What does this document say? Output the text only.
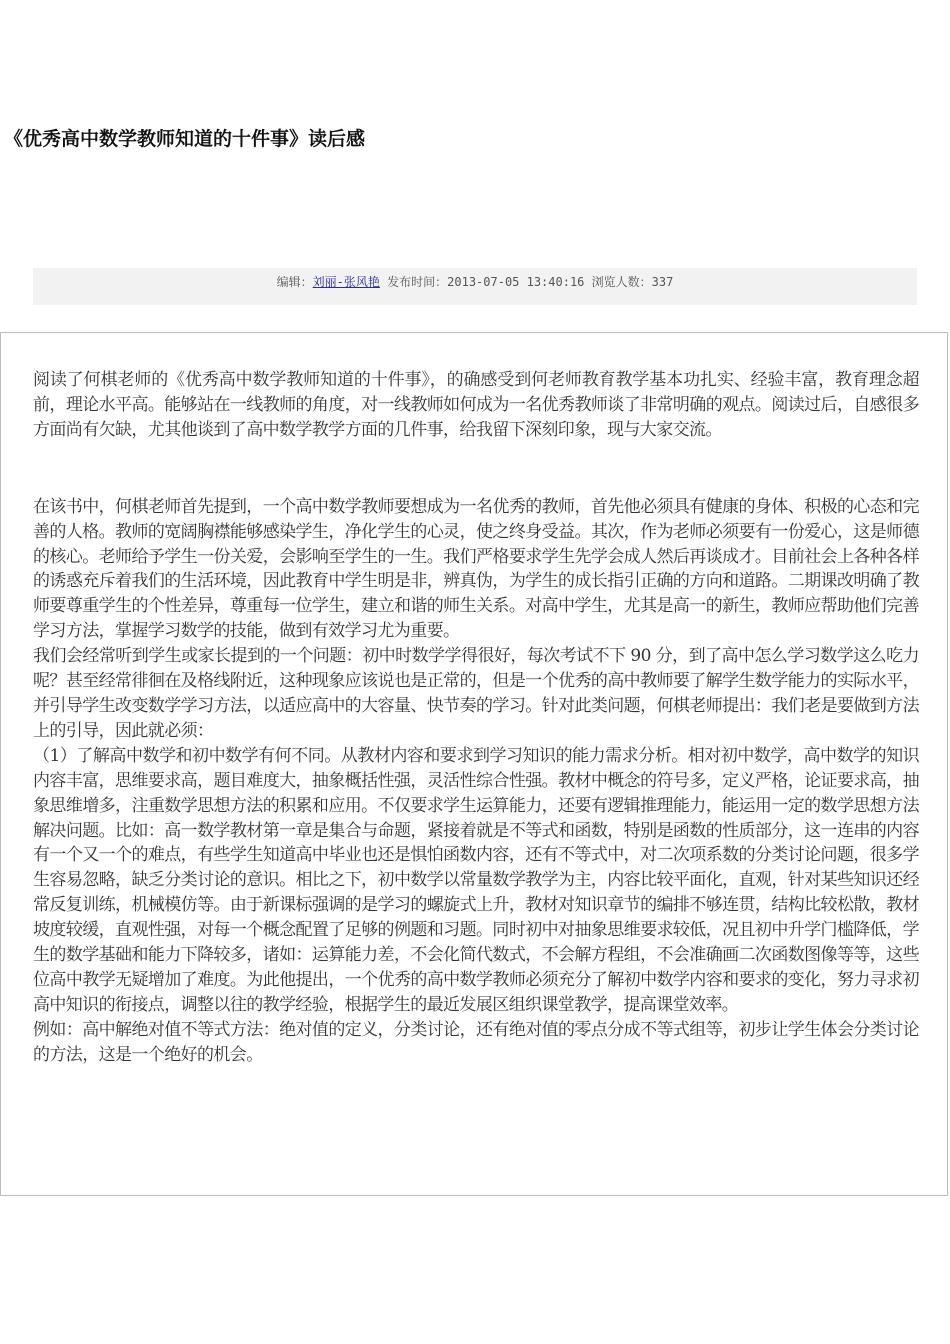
《优秀高中数学教师知道的十件事》读后感
编辑：刘丽-张风艳 发布时间：2013-07-05 13:40:16 浏览人数：337

阅读了何棋老师的《优秀高中数学教师知道的十件事》，的确感受到何老师教育教学基本功扎实、经验丰富，教育理念超前，理论水平高。能够站在一线教师的角度，对一线教师如何成为一名优秀教师谈了非常明确的观点。阅读过后，自感很多方面尚有欠缺，尤其他谈到了高中数学教学方面的几件事，给我留下深刻印象，现与大家交流。

在该书中，何棋老师首先提到，一个高中数学教师要想成为一名优秀的教师，首先他必须具有健康的身体、积极的心态和完善的人格。教师的宽阔胸襟能够感染学生，净化学生的心灵，使之终身受益。其次，作为老师必须要有一份爱心，这是师德的核心。老师给予学生一份关爱，会影响至学生的一生。我们严格要求学生先学会成人然后再谈成才。目前社会上各种各样的诱惑充斥着我们的生活环境，因此教育中学生明是非，辨真伪，为学生的成长指引正确的方向和道路。二期课改明确了教师要尊重学生的个性差异，尊重每一位学生，建立和谐的师生关系。对高中学生，尤其是高一的新生，教师应帮助他们完善学习方法，掌握学习数学的技能，做到有效学习尤为重要。

我们会经常听到学生或家长提到的一个问题：初中时数学学得很好，每次考试不下 90 分，到了高中怎么学习数学这么吃力呢？甚至经常徘徊在及格线附近，这种现象应该说也是正常的，但是一个优秀的高中教师要了解学生数学能力的实际水平，并引导学生改变数学学习方法，以适应高中的大容量、快节奏的学习。针对此类问题，何棋老师提出：我们老是要做到方法上的引导，因此就必须：

（1）了解高中数学和初中数学有何不同。从教材内容和要求到学习知识的能力需求分析。相对初中数学，高中数学的知识内容丰富，思维要求高，题目难度大，抽象概括性强，灵活性综合性强。教材中概念的符号多，定义严格，论证要求高，抽象思维增多，注重数学思想方法的积累和应用。不仅要求学生运算能力，还要有逻辑推理能力，能运用一定的数学思想方法解决问题。比如：高一数学教材第一章是集合与命题，紧接着就是不等式和函数，特别是函数的性质部分，这一连串的内容有一个又一个的难点，有些学生知道高中毕业也还是惧怕函数内容，还有不等式中，对二次项系数的分类讨论问题，很多学生容易忽略，缺乏分类讨论的意识。相比之下，初中数学以常量数学教学为主，内容比较平面化，直观，针对某些知识还经常反复训练，机械模仿等。由于新课标强调的是学习的螺旋式上升，教材对知识章节的编排不够连贯，结构比较松散，教材坡度较缓，直观性强，对每一个概念配置了足够的例题和习题。同时初中对抽象思维要求较低，况且初中升学门槛降低，学生的数学基础和能力下降较多，诸如：运算能力差，不会化简代数式，不会解方程组，不会准确画二次函数图像等等，这些位高中教学无疑增加了难度。为此他提出，一个优秀的高中数学教师必须充分了解初中数学内容和要求的变化，努力寻求初高中知识的衔接点，调整以往的教学经验，根据学生的最近发展区组织课堂教学，提高课堂效率。

例如：高中解绝对值不等式方法：绝对值的定义，分类讨论，还有绝对值的零点分成不等式组等，初步让学生体会分类讨论的方法，这是一个绝好的机会。
